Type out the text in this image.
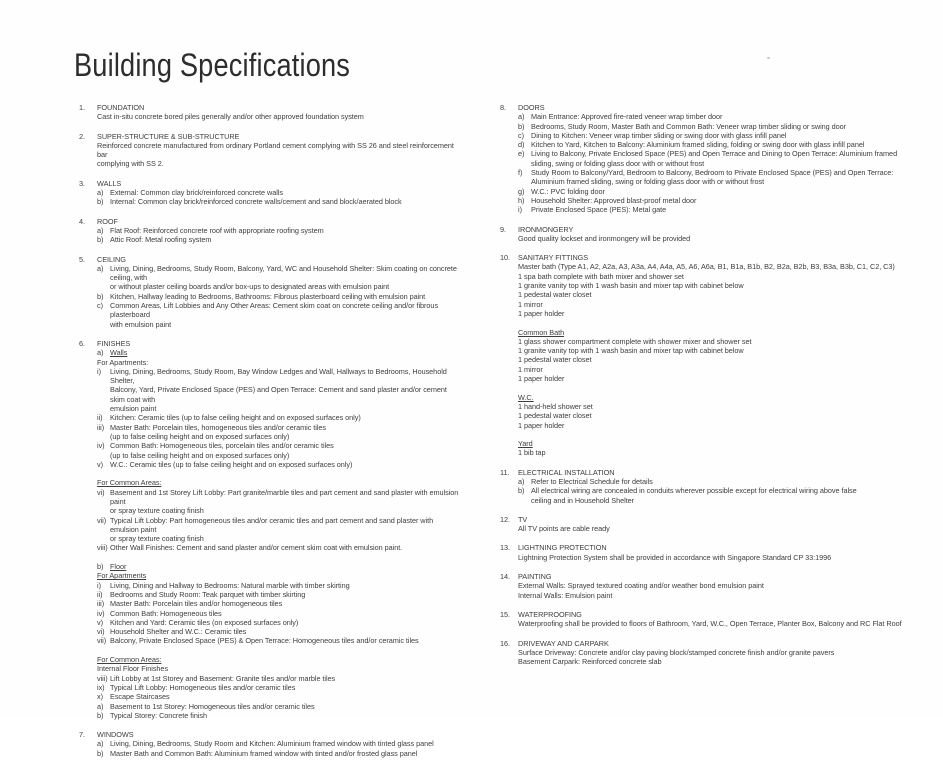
Building Specifications
1.	FOUNDATION
Cast in-situ concrete bored piles generally and/or other approved foundation system
2.	SUPER-STRUCTURE & SUB-STRUCTURE
Reinforced concrete manufactured from ordinary Portland cement complying with SS 26 and steel reinforcement bar
complying with SS 2.
3.	WALLS
a) External: Common clay brick/reinforced concrete walls
b) Internal: Common clay brick/reinforced concrete walls/cement and sand block/aerated block
4.	ROOF
a) Flat Roof: Reinforced concrete roof with appropriate roofing system
b) Attic Roof: Metal roofing system
5.	CEILING
a) Living, Dining, Bedrooms, Study Room, Balcony, Yard, WC and Household Shelter: Skim coating on concrete ceiling, with
or without plaster ceiling boards and/or box-ups to designated areas with emulsion paint
b) Kitchen, Hallway leading to Bedrooms, Bathrooms: Fibrous plasterboard ceiling with emulsion paint
c) Common Areas, Lift Lobbies and Any Other Areas: Cement skim coat on concrete ceiling and/or fibrous plasterboard
with emulsion paint
6.	FINISHES
a) Walls
For Apartments:
i)	Living, Dining, Bedrooms, Study Room, Bay Window Ledges and Wall, Hallways to Bedrooms, Household Shelter,
Balcony, Yard, Private Enclosed Space (PES) and Open Terrace: Cement and sand plaster and/or cement skim coat with
emulsion paint
ii)	Kitchen: Ceramic tiles (up to false ceiling height and on exposed surfaces only)
iii) Master Bath: Porcelain tiles, homogeneous tiles and/or ceramic tiles
(up to false ceiling height and on exposed surfaces only)
iv) Common Bath: Homogeneous tiles, porcelain tiles and/or ceramic tiles
(up to false ceiling height and on exposed surfaces only)
v) W.C.: Ceramic tiles (up to false ceiling height and on exposed surfaces only)
For Common Areas:
vi) Basement and 1st Storey Lift Lobby: Part granite/marble tiles and part cement and sand plaster with emulsion paint
or spray texture coating finish
vii) Typical Lift Lobby: Part homogeneous tiles and/or ceramic tiles and part cement and sand plaster with emulsion paint
or spray texture coating finish
viii) Other Wall Finishes: Cement and sand plaster and/or cement skim coat with emulsion paint.
b) Floor
For Apartments
i)	Living, Dining and Hallway to Bedrooms: Natural marble with timber skirting
ii)	Bedrooms and Study Room: Teak parquet with timber skirting
iii) Master Bath: Porcelain tiles and/or homogeneous tiles
iv) Common Bath: Homogeneous tiles
v) Kitchen and Yard: Ceramic tiles (on exposed surfaces only)
vi) Household Shelter and W.C.: Ceramic tiles
vii) Balcony, Private Enclosed Space (PES) & Open Terrace: Homogeneous tiles and/or ceramic tiles
For Common Areas:
Internal Floor Finishes
viii) Lift Lobby at 1st Storey and Basement: Granite tiles and/or marble tiles
ix) Typical Lift Lobby: Homogeneous tiles and/or ceramic tiles
x) Escape Staircases
a) Basement to 1st Storey: Homogeneous tiles and/or ceramic tiles
b) Typical Storey: Concrete finish
7.	WINDOWS
a) Living, Dining, Bedrooms, Study Room and Kitchen: Aluminium framed window with tinted glass panel
b) Master Bath and Common Bath: Aluminium framed window with tinted and/or frosted glass panel
8.	DOORS
a) Main Entrance: Approved fire-rated veneer wrap timber door
b) Bedrooms, Study Room, Master Bath and Common Bath: Veneer wrap timber sliding or swing door
c) Dining to Kitchen: Veneer wrap timber sliding or swing door with glass infill panel
d) Kitchen to Yard, Kitchen to Balcony: Aluminium framed sliding, folding or swing door with glass infill panel
e) Living to Balcony, Private Enclosed Space (PES) and Open Terrace and Dining to Open Terrace: Aluminium framed
sliding, swing or folding glass door with or without frost
f)	Study Room to Balcony/Yard, Bedroom to Balcony, Bedroom to Private Enclosed Space (PES) and Open Terrace:
Aluminium framed sliding, swing or folding glass door with or without frost
g) W.C.: PVC folding door
h) Household Shelter: Approved blast-proof metal door
i)	Private Enclosed Space (PES): Metal gate
9.	IRONMONGERY
Good quality lockset and ironmongery will be provided
10.	SANITARY FITTINGS
Master bath (Type A1, A2, A2a, A3, A3a, A4, A4a, A5, A6, A6a, B1, B1a, B1b, B2, B2a, B2b, B3, B3a, B3b, C1, C2, C3)
1 spa bath complete with bath mixer and shower set
1 granite vanity top with 1 wash basin and mixer tap with cabinet below
1 pedestal water closet
1 mirror
1 paper holder
Common Bath
1 glass shower compartment complete with shower mixer and shower set
1 granite vanity top with 1 wash basin and mixer tap with cabinet below
1 pedestal water closet
1 mirror
1 paper holder
W.C.
1 hand-held shower set
1 pedestal water closet
1 paper holder
Yard
1 bib tap
11.	ELECTRICAL INSTALLATION
a) Refer to Electrical Schedule for details
b) All electrical wiring are concealed in conduits wherever possible except for electrical wiring above false
ceiling and in Household Shelter
12.	TV
All TV points are cable ready
13.	LIGHTNING PROTECTION
Lightning Protection System shall be provided in accordance with Singapore Standard CP 33:1996
14.	PAINTING
External Walls: Sprayed textured coating and/or weather bond emulsion paint
Internal Walls: Emulsion paint
15.	WATERPROOFING
Waterproofing shall be provided to floors of Bathroom, Yard, W.C., Open Terrace, Planter Box, Balcony and RC Flat Roof
16.	DRIVEWAY AND CARPARK
Surface Driveway: Concrete and/or clay paving block/stamped concrete finish and/or granite pavers
Basement Carpark: Reinforced concrete slab
